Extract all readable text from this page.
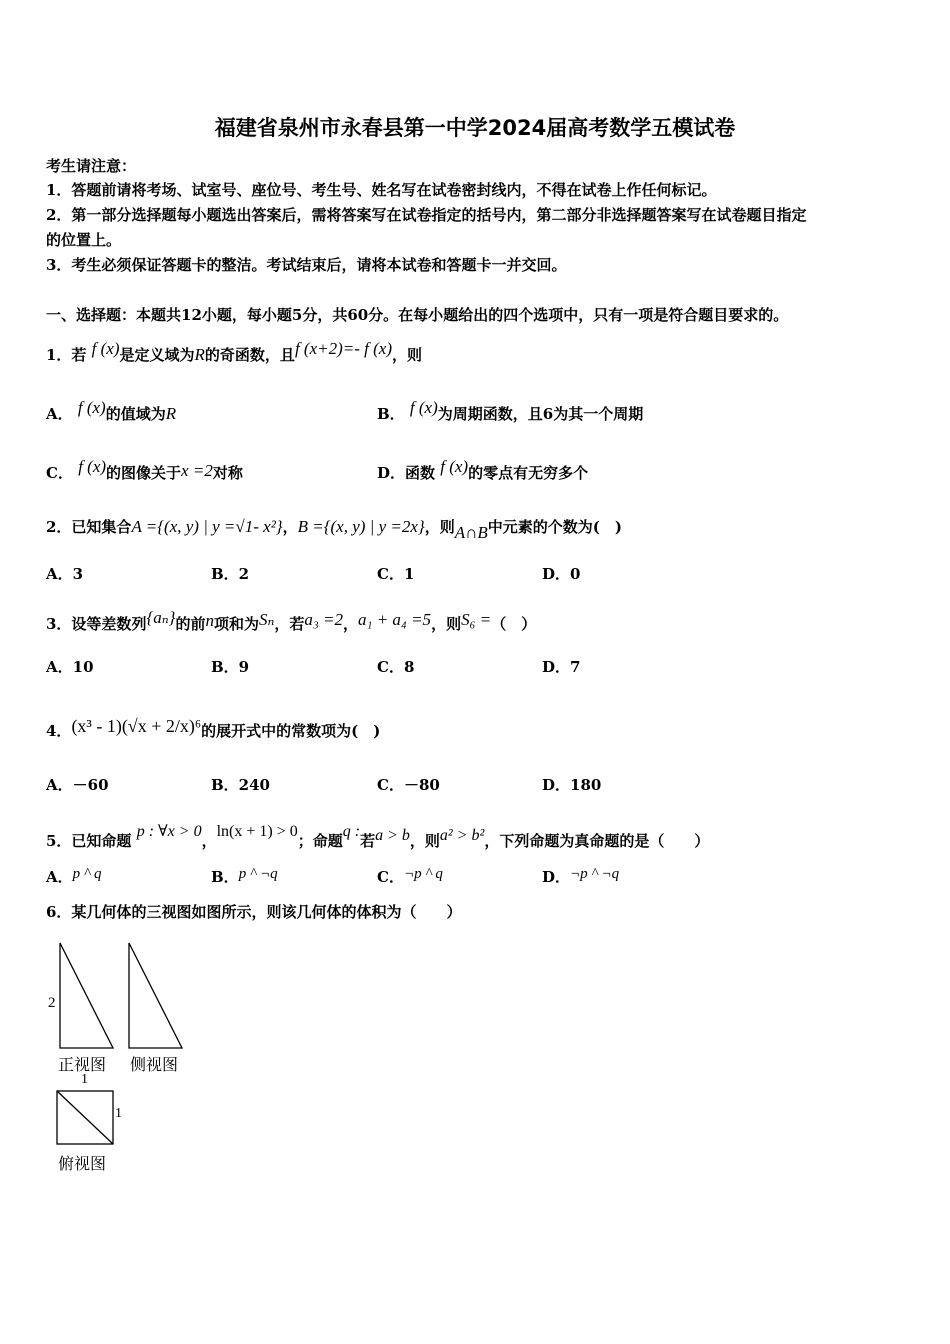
福建省泉州市永春县第一中学2024届高考数学五模试卷
考生请注意：
1．答题前请将考场、试室号、座位号、考生号、姓名写在试卷密封线内，不得在试卷上作任何标记。
2．第一部分选择题每小题选出答案后，需将答案写在试卷指定的括号内，第二部分非选择题答案写在试卷题目指定
的位置上。
3．考生必须保证答题卡的整洁。考试结束后，请将本试卷和答题卡一并交回。
一、选择题：本题共12小题，每小题5分，共60分。在每小题给出的四个选项中，只有一项是符合题目要求的。
1．若 f (x)是定义域为R的奇函数，且f (x+2)=- f (x)，则
A． f (x)的值域为R	B． f (x)为周期函数，且6为其一个周期
C． f (x)的图像关于x =2对称	D．函数 f (x)的零点有无穷多个
2．已知集合A ={(x, y) | y =√1- x²}，B ={(x, y) | y =2x}，则A∩B中元素的个数为(　)
A．3	B．2	C．1	D．0
3．设等差数列{aₙ}的前n项和为Sₙ，若a₃ =2，a₁ + a₄ =5，则S₆ =（　）
A．10	B．9	C．8	D．7
4．(x³ - 1)(√x + 2/x)⁶的展开式中的常数项为(　)
A．－60	B．240	C．－80	D．180
5．已知命题 p : ∀x > 0，ln(x + 1) > 0；命题q :若a > b，则a² > b²，下列命题为真命题的是（　　）
A．p ^ q	B．p ^ ¬q	C．¬p ^ q	D．¬p ^ ¬q
6．某几何体的三视图如图所示，则该几何体的体积为（　　）
2
正视图 侧视图
1
1
俯视图
